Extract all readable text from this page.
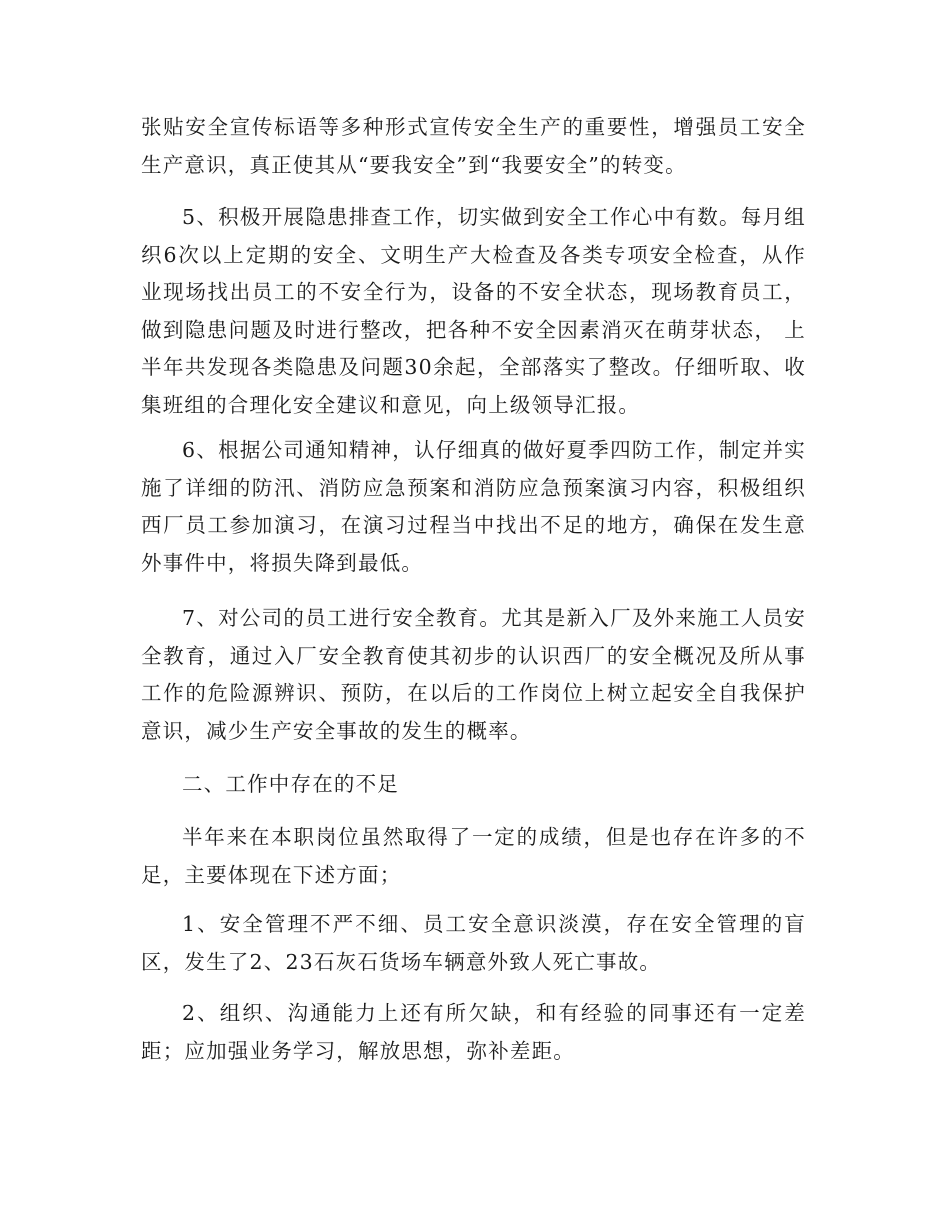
张贴安全宣传标语等多种形式宣传安全生产的重要性，增强员工安全生产意识，真正使其从“要我安全”到“我要安全”的转变。

5、积极开展隐患排查工作，切实做到安全工作心中有数。每月组织6次以上定期的安全、文明生产大检查及各类专项安全检查，从作业现场找出员工的不安全行为，设备的不安全状态，现场教育员工，做到隐患问题及时进行整改，把各种不安全因素消灭在萌芽状态， 上半年共发现各类隐患及问题30余起，全部落实了整改。仔细听取、收集班组的合理化安全建议和意见，向上级领导汇报。

6、根据公司通知精神，认仔细真的做好夏季四防工作，制定并实施了详细的防汛、消防应急预案和消防应急预案演习内容，积极组织西厂员工参加演习，在演习过程当中找出不足的地方，确保在发生意外事件中，将损失降到最低。

7、对公司的员工进行安全教育。尤其是新入厂及外来施工人员安全教育，通过入厂安全教育使其初步的认识西厂的安全概况及所从事工作的危险源辨识、预防，在以后的工作岗位上树立起安全自我保护意识，减少生产安全事故的发生的概率。

二、工作中存在的不足

半年来在本职岗位虽然取得了一定的成绩，但是也存在许多的不足，主要体现在下述方面；

1、安全管理不严不细、员工安全意识淡漠，存在安全管理的盲区，发生了2、23石灰石货场车辆意外致人死亡事故。

2、组织、沟通能力上还有所欠缺，和有经验的同事还有一定差距；应加强业务学习，解放思想，弥补差距。
